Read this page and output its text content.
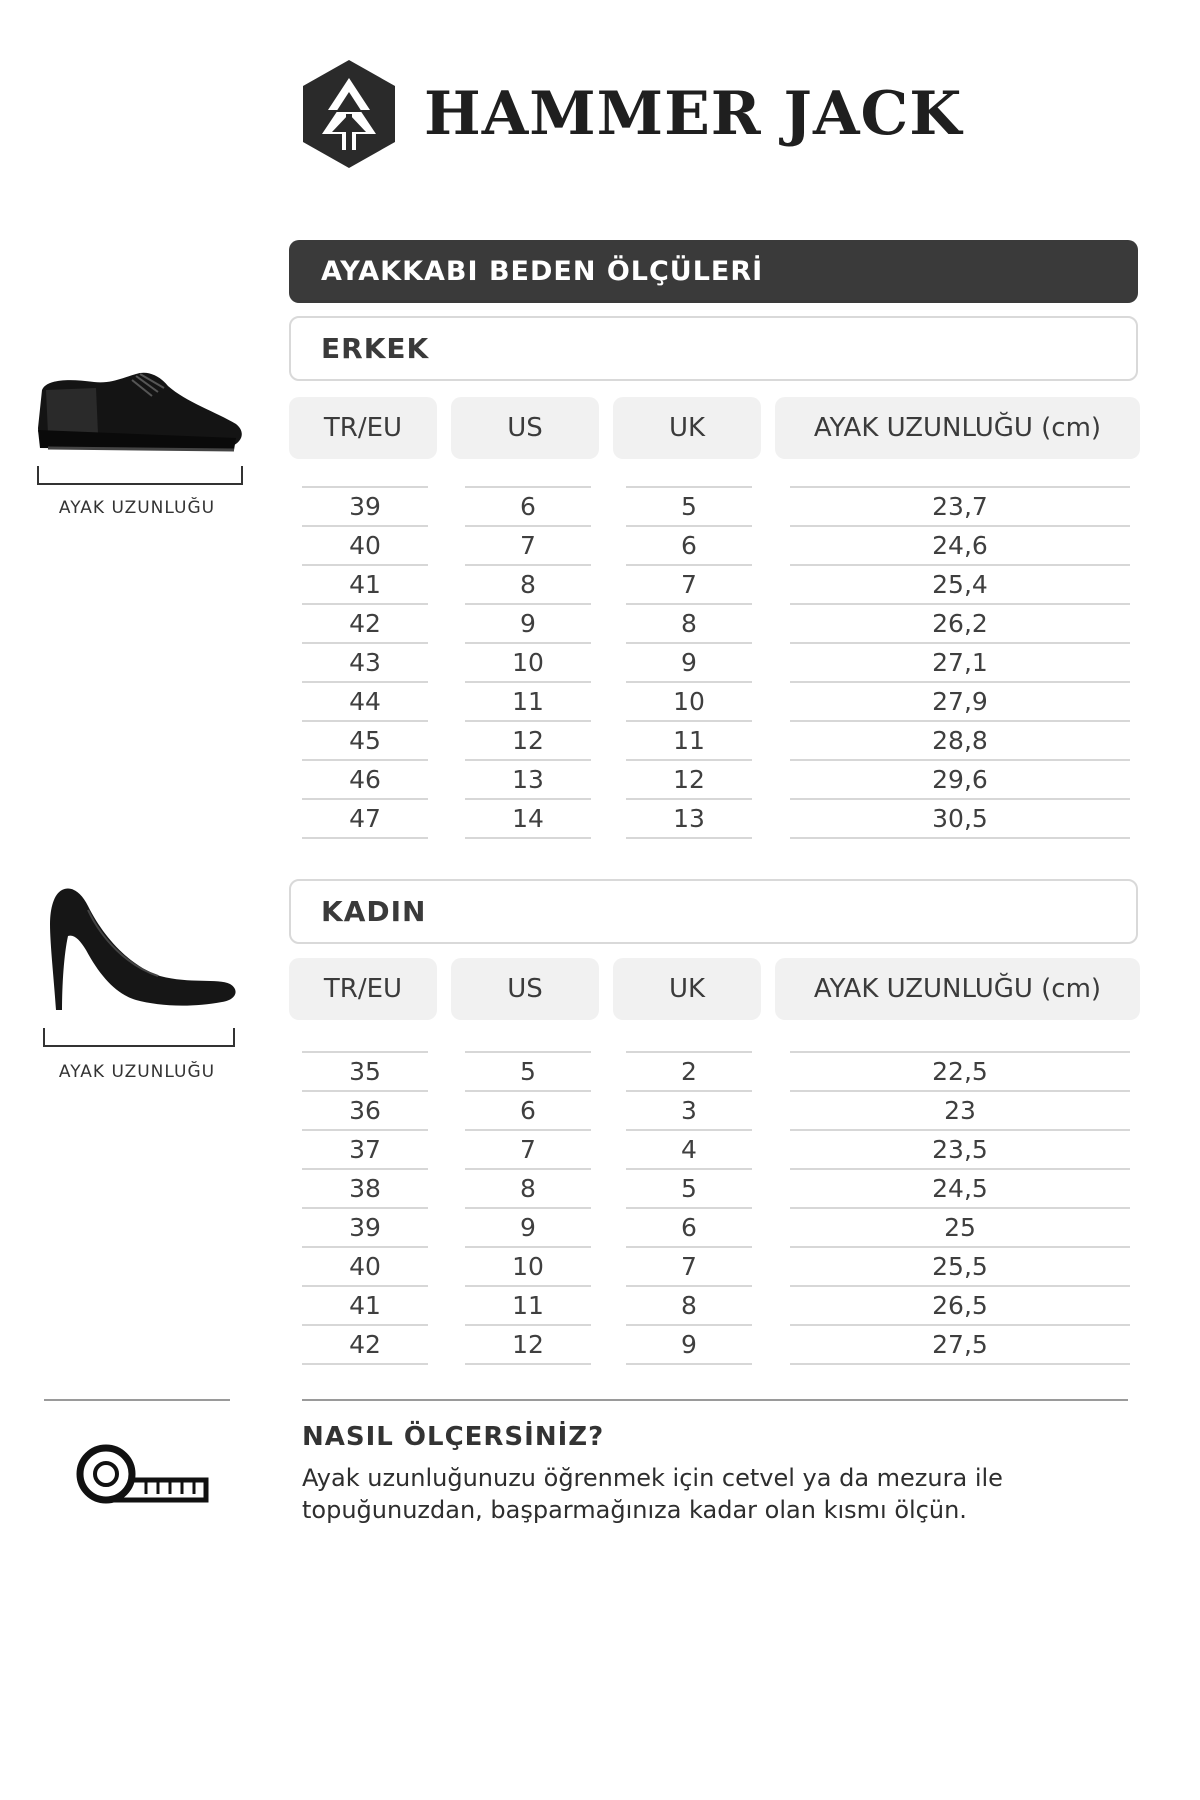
HAMMER JACK
AYAKKABI BEDEN ÖLÇÜLERİ
ERKEK
AYAK UZUNLUĞU
TR/EU	US	UK	AYAK UZUNLUĞU (cm)
39	6	5	23,7
40	7	6	24,6
41	8	7	25,4
42	9	8	26,2
43	10	9	27,1
44	11	10	27,9
45	12	11	28,8
46	13	12	29,6
47	14	13	30,5
KADIN
AYAK UZUNLUĞU
TR/EU	US	UK	AYAK UZUNLUĞU (cm)
35	5	2	22,5
36	6	3	23
37	7	4	23,5
38	8	5	24,5
39	9	6	25
40	10	7	25,5
41	11	8	26,5
42	12	9	27,5
NASIL ÖLÇERSİNİZ?
Ayak uzunluğunuzu öğrenmek için cetvel ya da mezura ile topuğunuzdan, başparmağınıza kadar olan kısmı ölçün.
